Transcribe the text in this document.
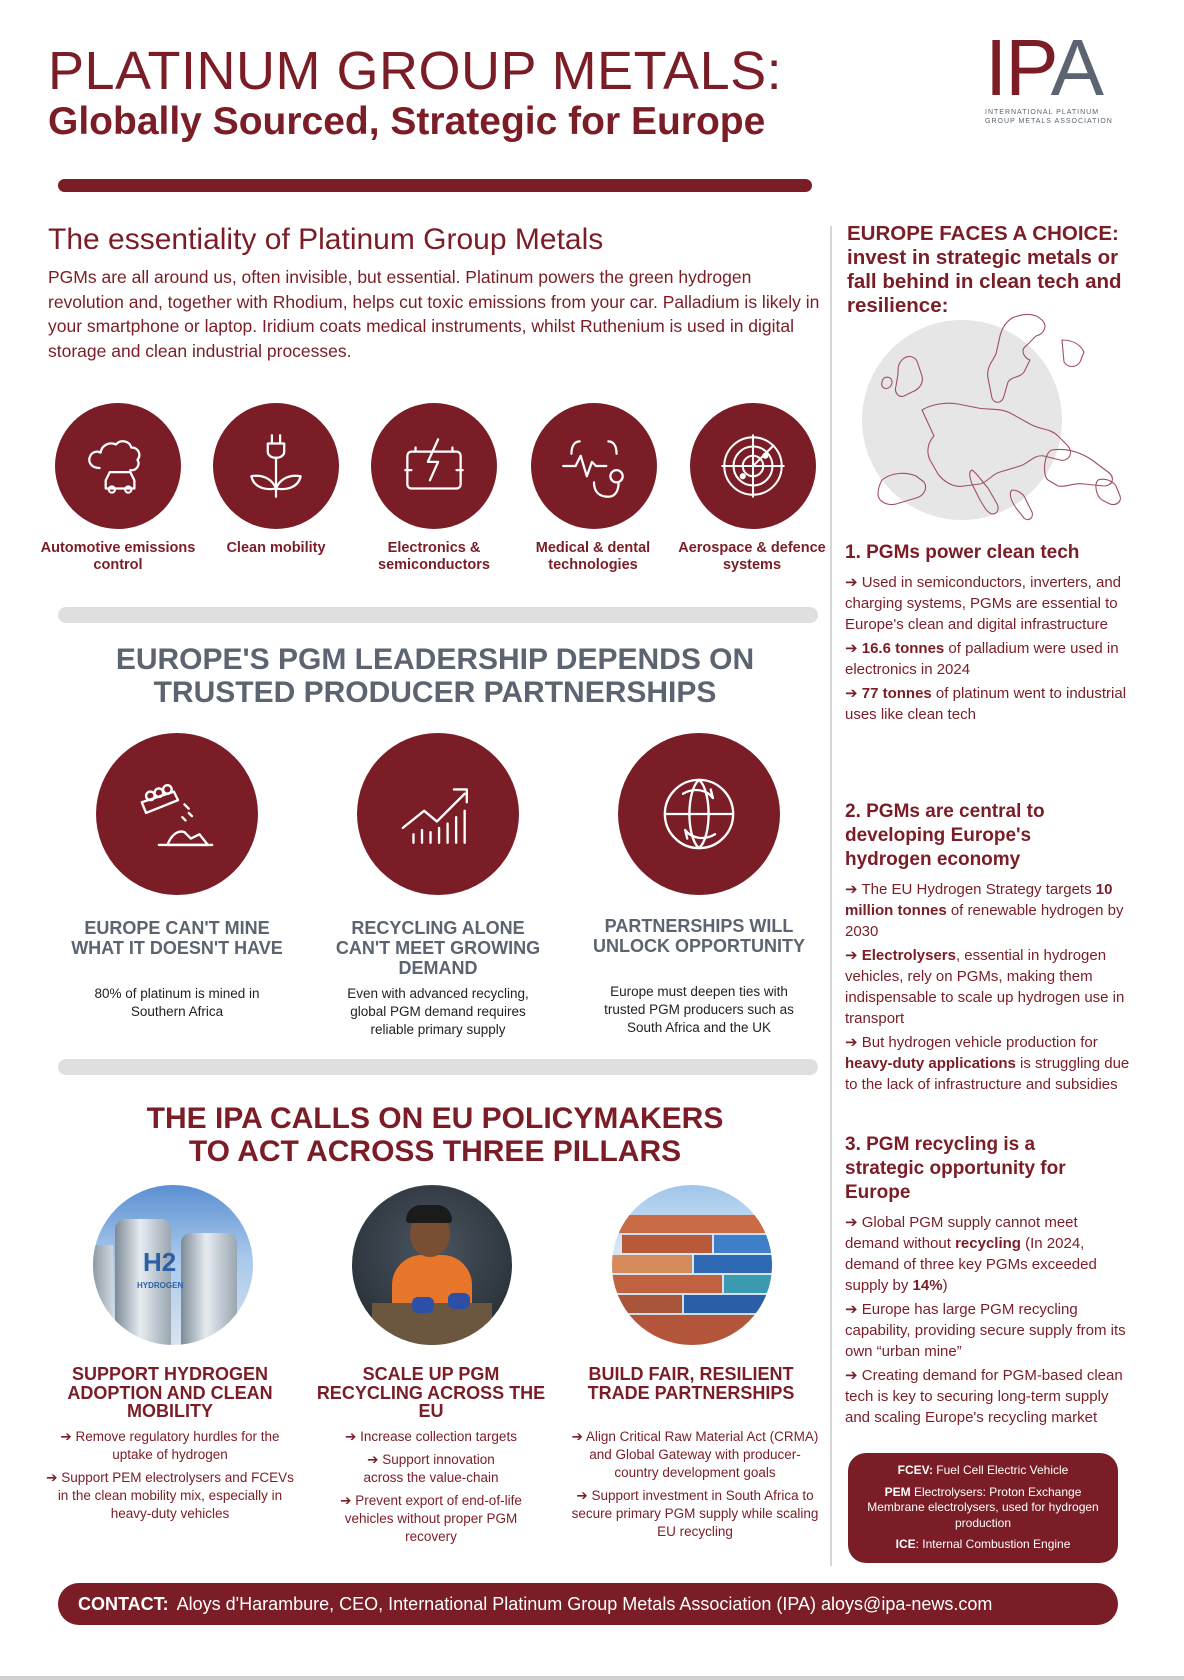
PLATINUM GROUP METALS:
Globally Sourced, Strategic for Europe
IPA
INTERNATIONAL PLATINUM
GROUP METALS ASSOCIATION
The essentiality of Platinum Group Metals
PGMs are all around us, often invisible, but essential. Platinum powers the green hydrogen revolution and, together with Rhodium, helps cut toxic emissions from your car. Palladium is likely in your smartphone or laptop. Iridium coats medical instruments, whilst Ruthenium is used in digital storage and clean industrial processes.
Automotive emissions control
Clean mobility	Electronics & semiconductors
Medical & dental technologies
Aerospace & defence systems
EUROPE'S PGM LEADERSHIP DEPENDS ON
TRUSTED PRODUCER PARTNERSHIPS
EUROPE CAN'T MINE WHAT IT DOESN'T HAVE
RECYCLING ALONE CAN'T MEET GROWING DEMAND
PARTNERSHIPS WILL UNLOCK OPPORTUNITY
80% of platinum is mined in Southern Africa
Even with advanced recycling, global PGM demand requires reliable primary supply
Europe must deepen ties with trusted PGM producers such as South Africa and the UK
THE IPA CALLS ON EU POLICYMAKERS
TO ACT ACROSS THREE PILLARS
H2
HYDROGEN
SUPPORT HYDROGEN ADOPTION AND CLEAN MOBILITY
SCALE UP PGM RECYCLING ACROSS THE EU
BUILD FAIR, RESILIENT TRADE PARTNERSHIPS

➔ Remove regulatory hurdles for the uptake of hydrogen

➔ Support PEM electrolysers and FCEVs in the clean mobility mix, especially in heavy-duty vehicles

➔ Increase collection targets

➔ Support innovation across the value-chain

➔ Prevent export of end-of-life vehicles without proper PGM recovery

➔ Align Critical Raw Material Act (CRMA) and Global Gateway with producer-country development goals

➔ Support investment in South Africa to secure primary PGM supply while scaling EU recycling

EUROPE FACES A CHOICE: invest in strategic metals or fall behind in clean tech and resilience:
1. PGMs power clean tech

➔ Used in semiconductors, inverters, and charging systems, PGMs are essential to Europe's clean and digital infrastructure

➔ 16.6 tonnes of palladium were used in electronics in 2024

➔ 77 tonnes of platinum went to industrial uses like clean tech

2. PGMs are central to developing Europe's hydrogen economy

➔ The EU Hydrogen Strategy targets 10 million tonnes of renewable hydrogen by 2030

➔ Electrolysers, essential in hydrogen vehicles, rely on PGMs, making them indispensable to scale up hydrogen use in transport

➔ But hydrogen vehicle production for heavy-duty applications is struggling due to the lack of infrastructure and subsidies

3. PGM recycling is a strategic opportunity for Europe

➔ Global PGM supply cannot meet demand without recycling (In 2024, demand of three key PGMs exceeded supply by 14%)

➔ Europe has large PGM recycling capability, providing secure supply from its own “urban mine”

➔ Creating demand for PGM-based clean tech is key to securing long-term supply and scaling Europe's recycling market

FCEV: Fuel Cell Electric Vehicle

PEM Electrolysers: Proton Exchange Membrane electrolysers, used for hydrogen production

ICE: Internal Combustion Engine

CONTACT: Aloys d'Harambure, CEO, International Platinum Group Metals Association (IPA) aloys@ipa-news.com
